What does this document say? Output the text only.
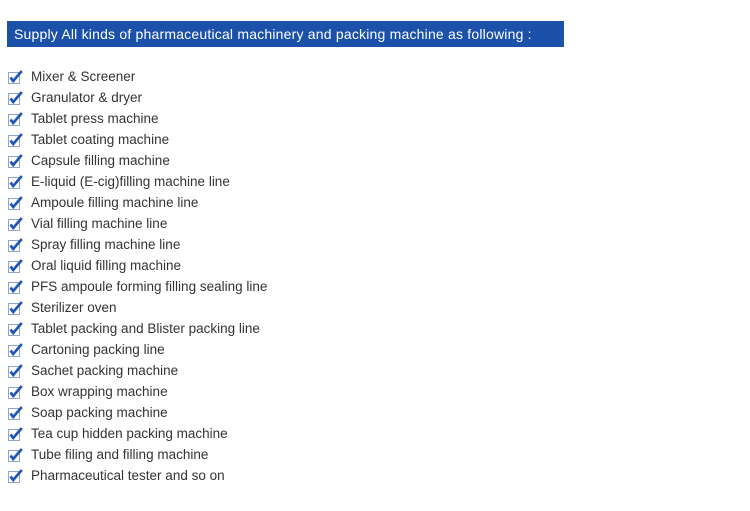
Supply All kinds of pharmaceutical machinery and packing machine as following :
Mixer & Screener
Granulator & dryer
Tablet press machine
Tablet coating machine
Capsule filling machine
E-liquid (E-cig)filling machine line
Ampoule filling machine line
Vial filling machine line
Spray filling machine line
Oral liquid filling machine
PFS ampoule forming filling sealing line
Sterilizer oven
Tablet packing and Blister packing line
Cartoning packing line
Sachet packing machine
Box wrapping machine
Soap packing machine
Tea cup hidden packing machine
Tube filing and filling machine
Pharmaceutical tester and so on
